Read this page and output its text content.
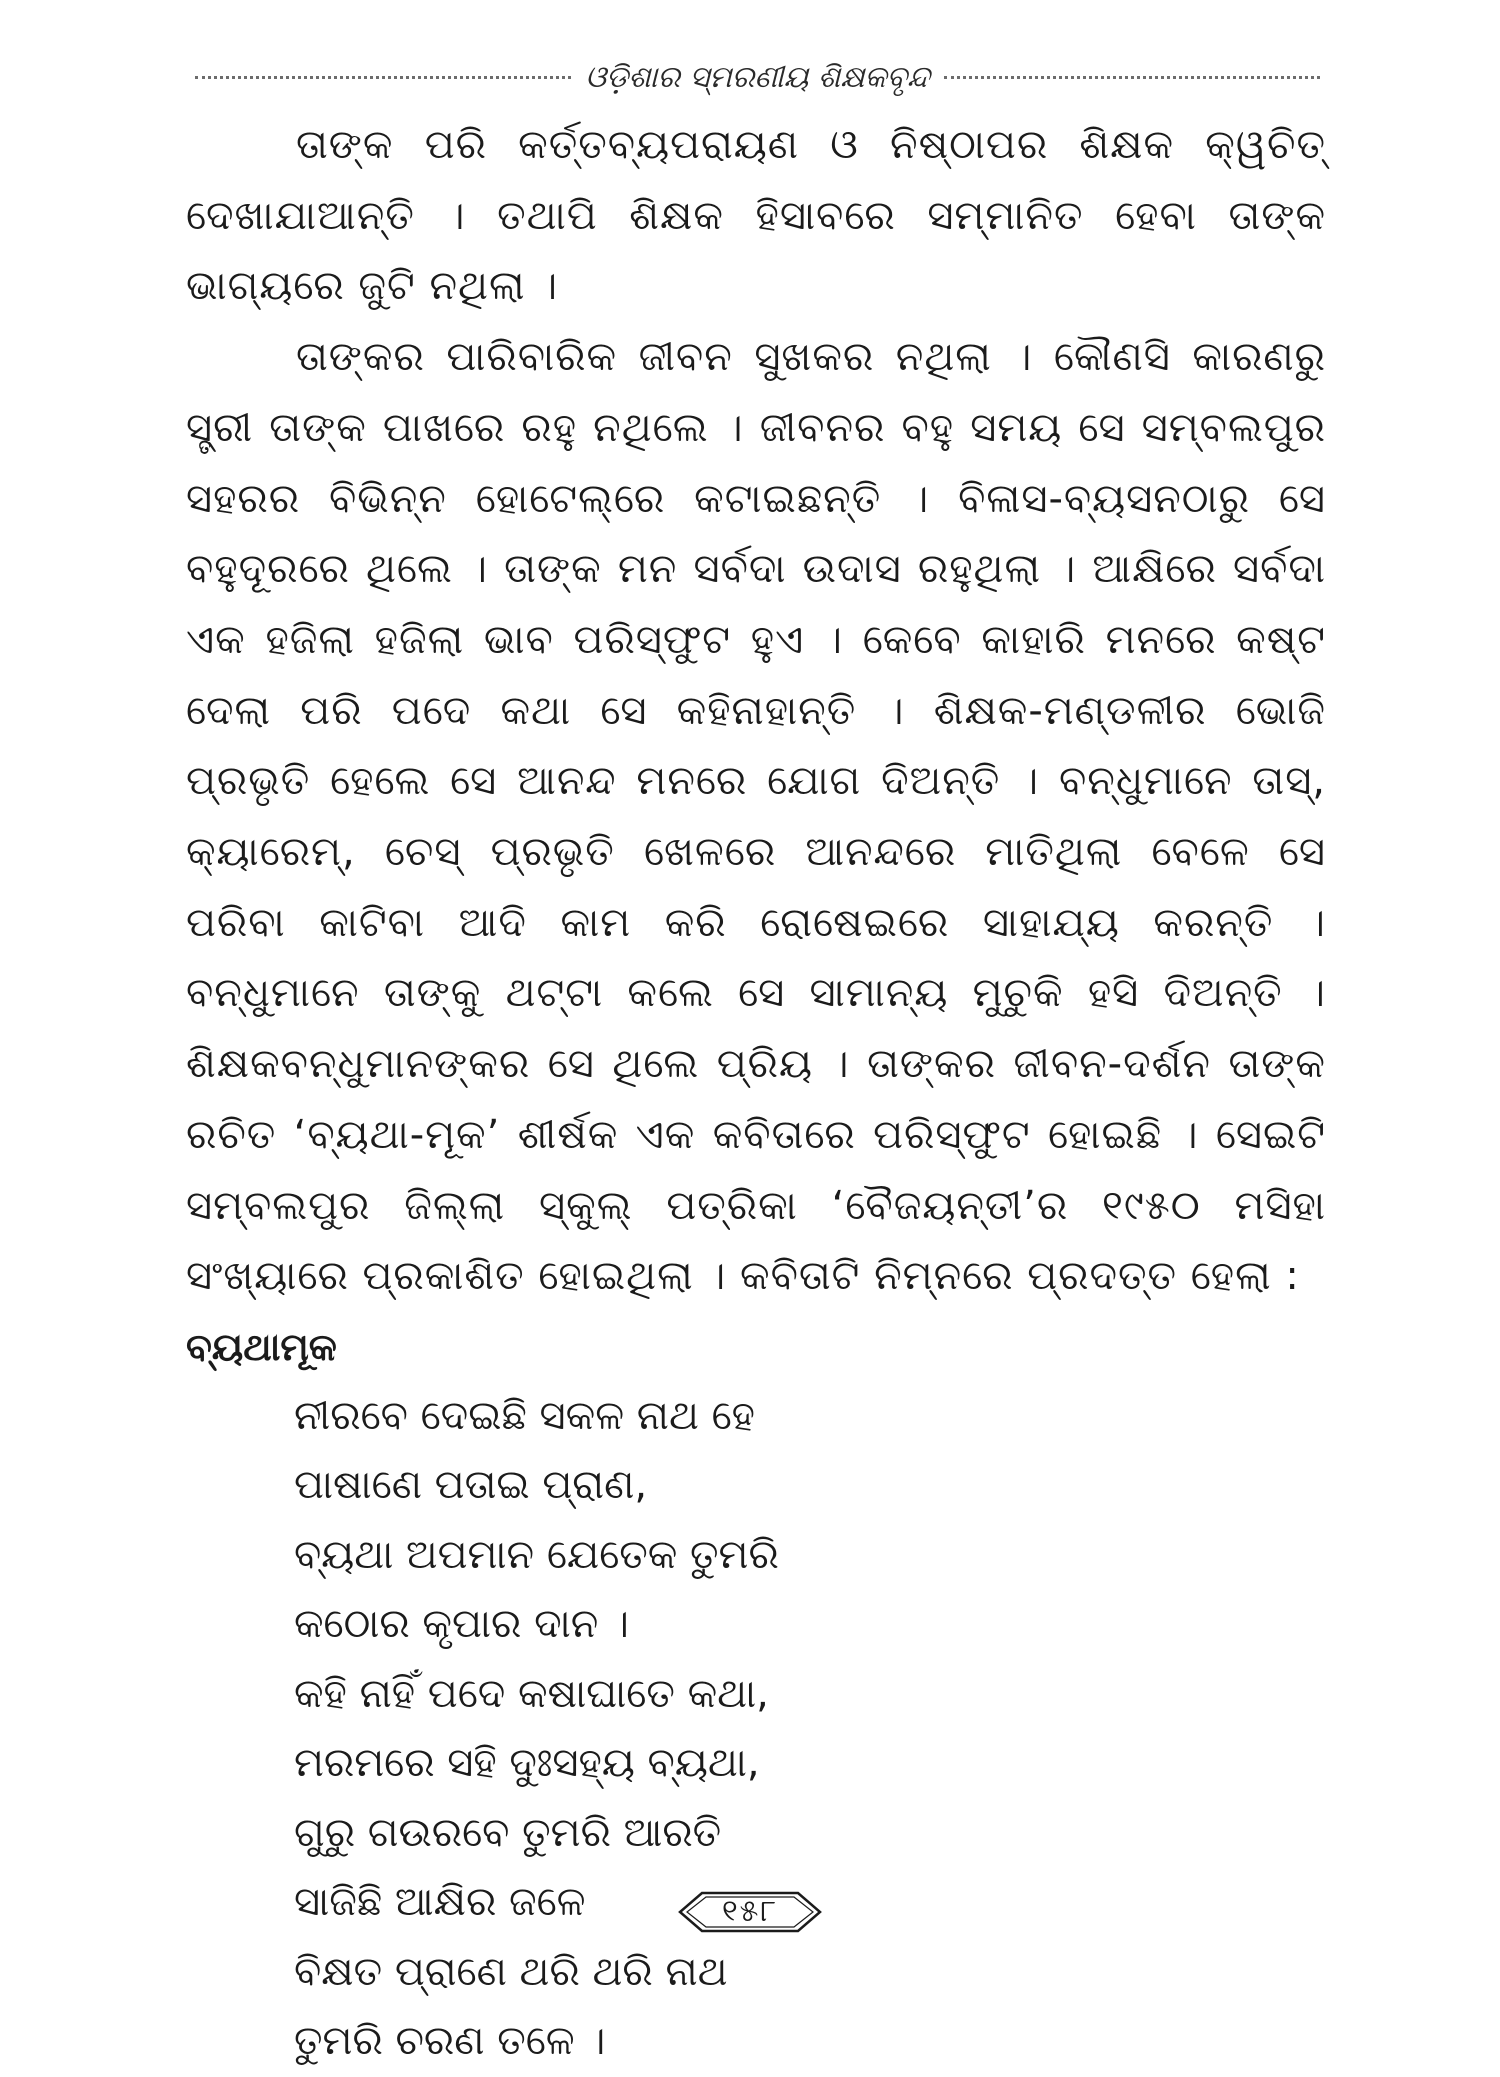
ଓଡ଼ିଶାର ସ୍ମରଣୀୟ ଶିକ୍ଷକବୃନ୍ଦ

ତାଙ୍କ ପରି କର୍ତ୍ତବ୍ୟପରାୟଣ ଓ ନିଷ୍ଠାପର ଶିକ୍ଷକ କ୍ୱଚିତ୍ ଦେଖାଯାଆନ୍ତି । ତଥାପି ଶିକ୍ଷକ ହିସାବରେ ସମ୍ମାନିତ ହେବା ତାଙ୍କ ଭାଗ୍ୟରେ ଜୁଟି ନଥିଲା ।

ତାଙ୍କର ପାରିବାରିକ ଜୀବନ ସୁଖକର ନଥିଲା । କୌଣସି କାରଣରୁ ସ୍ତ୍ରୀ ତାଙ୍କ ପାଖରେ ରହୁ ନଥିଲେ । ଜୀବନର ବହୁ ସମୟ ସେ ସମ୍ବଲପୁର ସହରର ବିଭିନ୍ନ ହୋଟେଲ୍‌ରେ କଟାଇଛନ୍ତି । ବିଳାସ-ବ୍ୟସନଠାରୁ ସେ ବହୁଦୂରରେ ଥିଲେ । ତାଙ୍କ ମନ ସର୍ବଦା ଉଦାସ ରହୁଥିଲା । ଆକ୍ଷିରେ ସର୍ବଦା ଏକ ହଜିଲା ହଜିଲା ଭାବ ପରିସ୍ଫୁଟ ହୁଏ । କେବେ କାହାରି ମନରେ କଷ୍ଟ ଦେଲା ପରି ପଦେ କଥା ସେ କହିନାହାନ୍ତି । ଶିକ୍ଷକ-ମଣ୍ଡଳୀର ଭୋଜି ପ୍ରଭୃତି ହେଲେ ସେ ଆନନ୍ଦ ମନରେ ଯୋଗ ଦିଅନ୍ତି । ବନ୍ଧୁମାନେ ତାସ୍, କ୍ୟାରେମ୍, ଚେସ୍ ପ୍ରଭୃତି ଖେଳରେ ଆନନ୍ଦରେ ମାତିଥିଲା ବେଳେ ସେ ପରିବା କାଟିବା ଆଦି କାମ କରି ରୋଷେଇରେ ସାହାଯ୍ୟ କରନ୍ତି । ବନ୍ଧୁମାନେ ତାଙ୍କୁ ଥଟ୍ଟା କଲେ ସେ ସାମାନ୍ୟ ମୁଚୁକି ହସି ଦିଅନ୍ତି । ଶିକ୍ଷକବନ୍ଧୁମାନଙ୍କର ସେ ଥିଲେ ପ୍ରିୟ । ତାଙ୍କର ଜୀବନ-ଦର୍ଶନ ତାଙ୍କ ରଚିତ ‘ବ୍ୟଥା-ମୂକ’ ଶୀର୍ଷକ ଏକ କବିତାରେ ପରିସ୍ଫୁଟ ହୋଇଛି । ସେଇଟି ସମ୍ବଲପୁର ଜିଲ୍ଲା ସ୍କୁଲ୍ ପତ୍ରିକା ‘ବୈଜୟନ୍ତୀ’ର ୧୯୫୦ ମସିହା ସଂଖ୍ୟାରେ ପ୍ରକାଶିତ ହୋଇଥିଲା । କବିତାଟି ନିମ୍ନରେ ପ୍ରଦତ୍ତ ହେଲା :

ବ୍ୟଥାମୂକ

ନୀରବେ ଦେଇଛି ସକଳ ନାଥ ହେ
ପାଷାଣେ ପତାଇ ପ୍ରାଣ,
ବ୍ୟଥା ଅପମାନ ଯେତେକ ତୁମରି
କଠୋର କୃପାର ଦାନ ।
କହି ନାହିଁ ପଦେ କଷାଘାତେ କଥା,
ମରମରେ ସହି ଦୁଃସହ୍ୟ ବ୍ୟଥା,
ଗୁରୁ ଗଉରବେ ତୁମରି ଆରତି
ସାଜିଛି ଆକ୍ଷିର ଜଳେ
ବିକ୍ଷତ ପ୍ରାଣେ ଥରି ଥରି ନାଥ
ତୁମରି ଚରଣ ତଳେ ।
୧୫୮
